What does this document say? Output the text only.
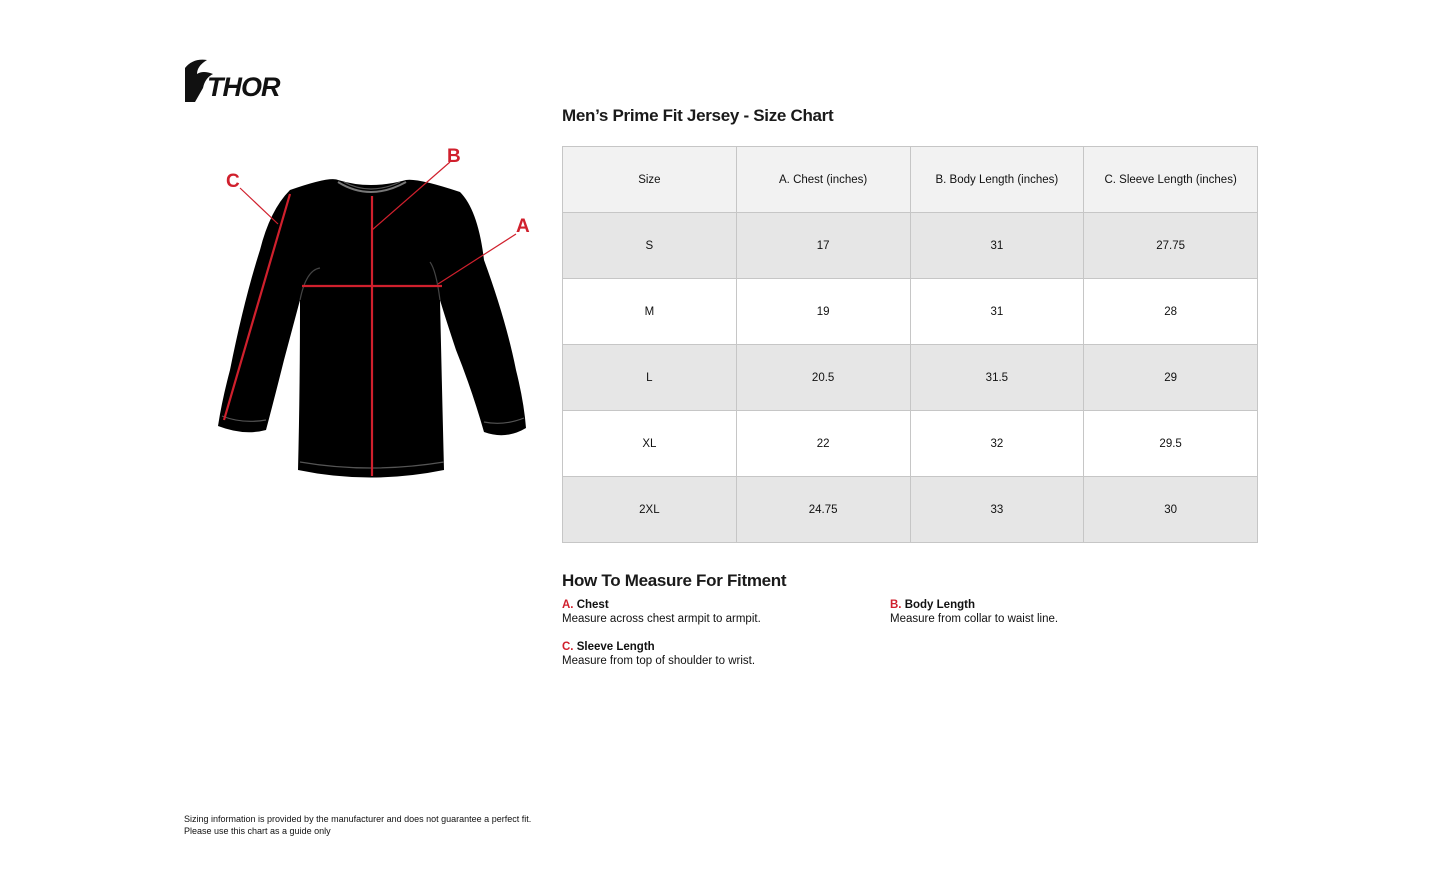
THOR
A
B
C
Men’s Prime Fit Jersey - Size Chart
Size	A. Chest (inches)	B. Body Length (inches)	C. Sleeve Length (inches)
S	17	31	27.75
M	19	31	28
L	20.5	31.5	29
XL	22	32	29.5
2XL	24.75	33	30
How To Measure For Fitment
A. Chest
Measure across chest armpit to armpit.
B. Body Length
Measure from collar to waist line.
C. Sleeve Length
Measure from top of shoulder to wrist.
Sizing information is provided by the manufacturer and does not guarantee a perfect fit.
Please use this chart as a guide only
